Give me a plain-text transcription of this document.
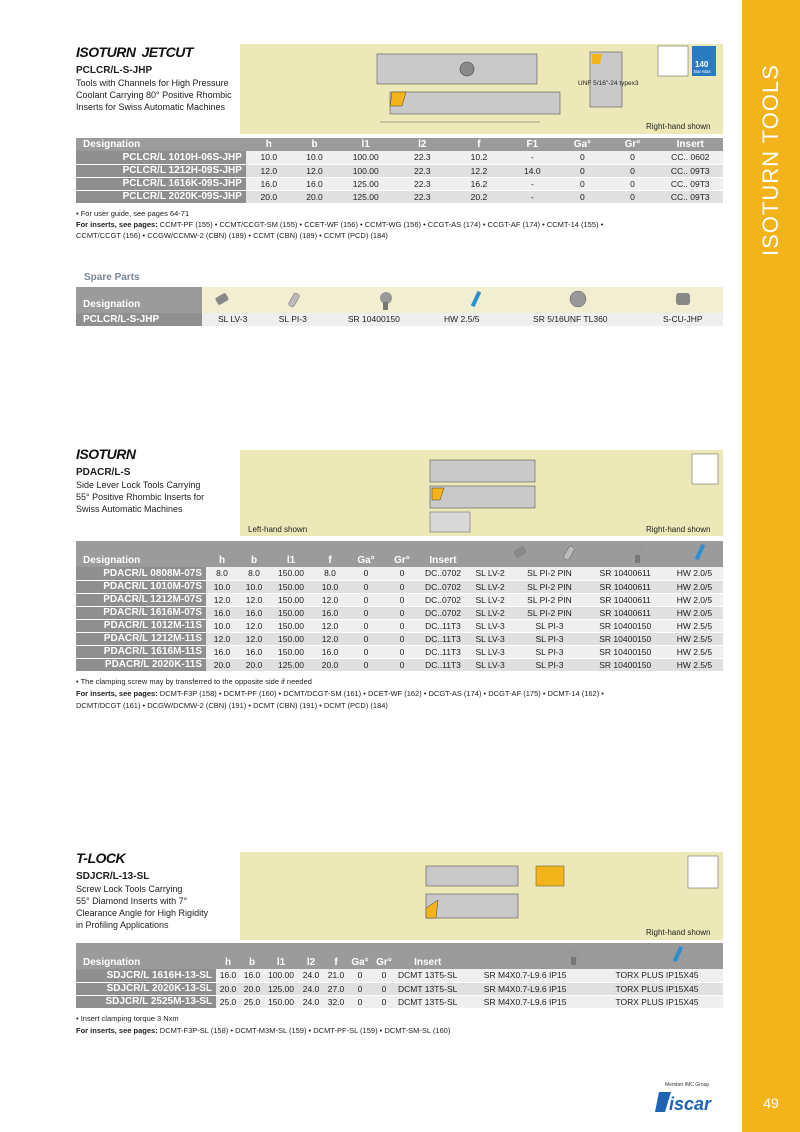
ISOTURN TOOLS
49
Member IMC Group
iscar
ISOTURN JETCUT
PCLCR/L-S-JHP
Tools with Channels for High Pressure
Coolant Carrying 80° Positive Rhombic
Inserts for Swiss Automatic Machines
UNF 5/16"-24 typex3
140
Bar Max
Right-hand shown
Designation	h	b	l1	l2	f	F1	Ga°	Gr°	Insert
PCLCR/L 1010H-06S-JHP	10.0	10.0	100.00	22.3	10.2	-	0	0	CC.. 0602
PCLCR/L 1212H-09S-JHP	12.0	12.0	100.00	22.3	12.2	14.0	0	0	CC.. 09T3
PCLCR/L 1616K-09S-JHP	16.0	16.0	125.00	22.3	16.2	-	0	0	CC.. 09T3
PCLCR/L 2020K-09S-JHP	20.0	20.0	125.00	22.3	20.2	-	0	0	CC.. 09T3
• For user guide, see pages 64-71
For inserts, see pages: CCMT-PF (155) • CCMT/CCGT-SM (155) • CCET-WF (156) • CCMT-WG (156) • CCGT-AS (174) • CCGT-AF (174) • CCMT-14 (155) •
CCMT/CCGT (156) • CCGW/CCMW-2 (CBN) (189) • CCMT (CBN) (189) • CCMT (PCD) (184)
Spare Parts
Designation
PCLCR/L-S-JHP	SL LV-3	SL PI-3	SR 10400150	HW 2.5/5	SR 5/16UNF TL360	S-CU-JHP
ISOTURN
PDACR/L-S
Side Lever Lock Tools Carrying
55° Positive Rhombic Inserts for
Swiss Automatic Machines
Left-hand shown	Right-hand shown
Designation	h	b	l1	f	Ga°	Gr°	Insert				
PDACR/L 0808M-07S	8.0	8.0	150.00	8.0	0	0	DC..0702	SL LV-2	SL PI-2 PIN	SR 10400611	HW 2.0/5
PDACR/L 1010M-07S	10.0	10.0	150.00	10.0	0	0	DC..0702	SL LV-2	SL PI-2 PIN	SR 10400611	HW 2.0/5
PDACR/L 1212M-07S	12.0	12.0	150.00	12.0	0	0	DC..0702	SL LV-2	SL PI-2 PIN	SR 10400611	HW 2.0/5
PDACR/L 1616M-07S	16.0	16.0	150.00	16.0	0	0	DC..0702	SL LV-2	SL PI-2 PIN	SR 10400611	HW 2.0/5
PDACR/L 1012M-11S	10.0	12.0	150.00	12.0	0	0	DC..11T3	SL LV-3	SL PI-3	SR 10400150	HW 2.5/5
PDACR/L 1212M-11S	12.0	12.0	150.00	12.0	0	0	DC..11T3	SL LV-3	SL PI-3	SR 10400150	HW 2.5/5
PDACR/L 1616M-11S	16.0	16.0	150.00	16.0	0	0	DC..11T3	SL LV-3	SL PI-3	SR 10400150	HW 2.5/5
PDACR/L 2020K-11S	20.0	20.0	125.00	20.0	0	0	DC..11T3	SL LV-3	SL PI-3	SR 10400150	HW 2.5/5
• The clamping screw may by transferred to the opposite side if needed
For inserts, see pages: DCMT-F3P (158) • DCMT-PF (160) • DCMT/DCGT-SM (161) • DCET-WF (162) • DCGT-AS (174) • DCGT-AF (175) • DCMT-14 (162) •
DCMT/DCGT (161) • DCGW/DCMW-2 (CBN) (191) • DCMT (CBN) (191) • DCMT (PCD) (184)
T-LOCK
SDJCR/L-13-SL
Screw Lock Tools Carrying
55° Diamond Inserts with 7°
Clearance Angle for High Rigidity
in Profiling Applications
Right-hand shown
Designation	h	b	l1	l2	f	Ga°	Gr°	Insert		
SDJCR/L 1616H-13-SL	16.0	16.0	100.00	24.0	21.0	0	0	DCMT 13T5-SL	SR M4X0.7-L9.6 IP15	TORX PLUS IP15X45
SDJCR/L 2020K-13-SL	20.0	20.0	125.00	24.0	27.0	0	0	DCMT 13T5-SL	SR M4X0.7-L9.6 IP15	TORX PLUS IP15X45
SDJCR/L 2525M-13-SL	25.0	25.0	150.00	24.0	32.0	0	0	DCMT 13T5-SL	SR M4X0.7-L9.6 IP15	TORX PLUS IP15X45
• Insert clamping torque 3 Nxm
For inserts, see pages: DCMT-F3P-SL (158) • DCMT-M3M-SL (159) • DCMT-PF-SL (159) • DCMT-SM-SL (160)
